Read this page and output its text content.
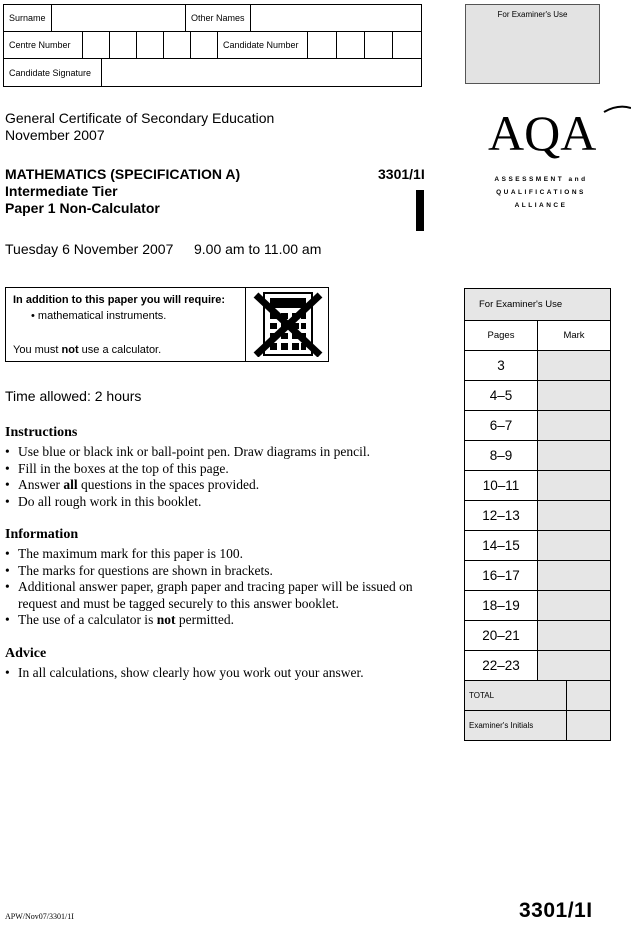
Surname	Other Names
Centre Number	Candidate Number
Candidate Signature
For Examiner's Use
General Certificate of Secondary Education
November 2007
MATHEMATICS (SPECIFICATION A)	3301/1I
Intermediate Tier
Paper 1 Non-Calculator
Tuesday 6 November 2007 9.00 am to 11.00 am
AQA
ASSESSMENT and
QUALIFICATIONS
ALLIANCE
In addition to this paper you will require:
• mathematical instruments.
You must not use a calculator.
Time allowed: 2 hours
Instructions
• Use blue or black ink or ball-point pen. Draw diagrams in pencil.
• Fill in the boxes at the top of this page.
• Answer all questions in the spaces provided.
• Do all rough work in this booklet.
Information
• The maximum mark for this paper is 100.
• The marks for questions are shown in brackets.
• Additional answer paper, graph paper and tracing paper will be issued on request and must be tagged securely to this answer booklet.
• The use of a calculator is not permitted.
Advice
• In all calculations, show clearly how you work out your answer.
For Examiner's Use
Pages	Mark
3
4–5
6–7
8–9
10–11
12–13
14–15
16–17
18–19
20–21
22–23
TOTAL
Examiner's Initials
APW/Nov07/3301/1I	3301/1I
